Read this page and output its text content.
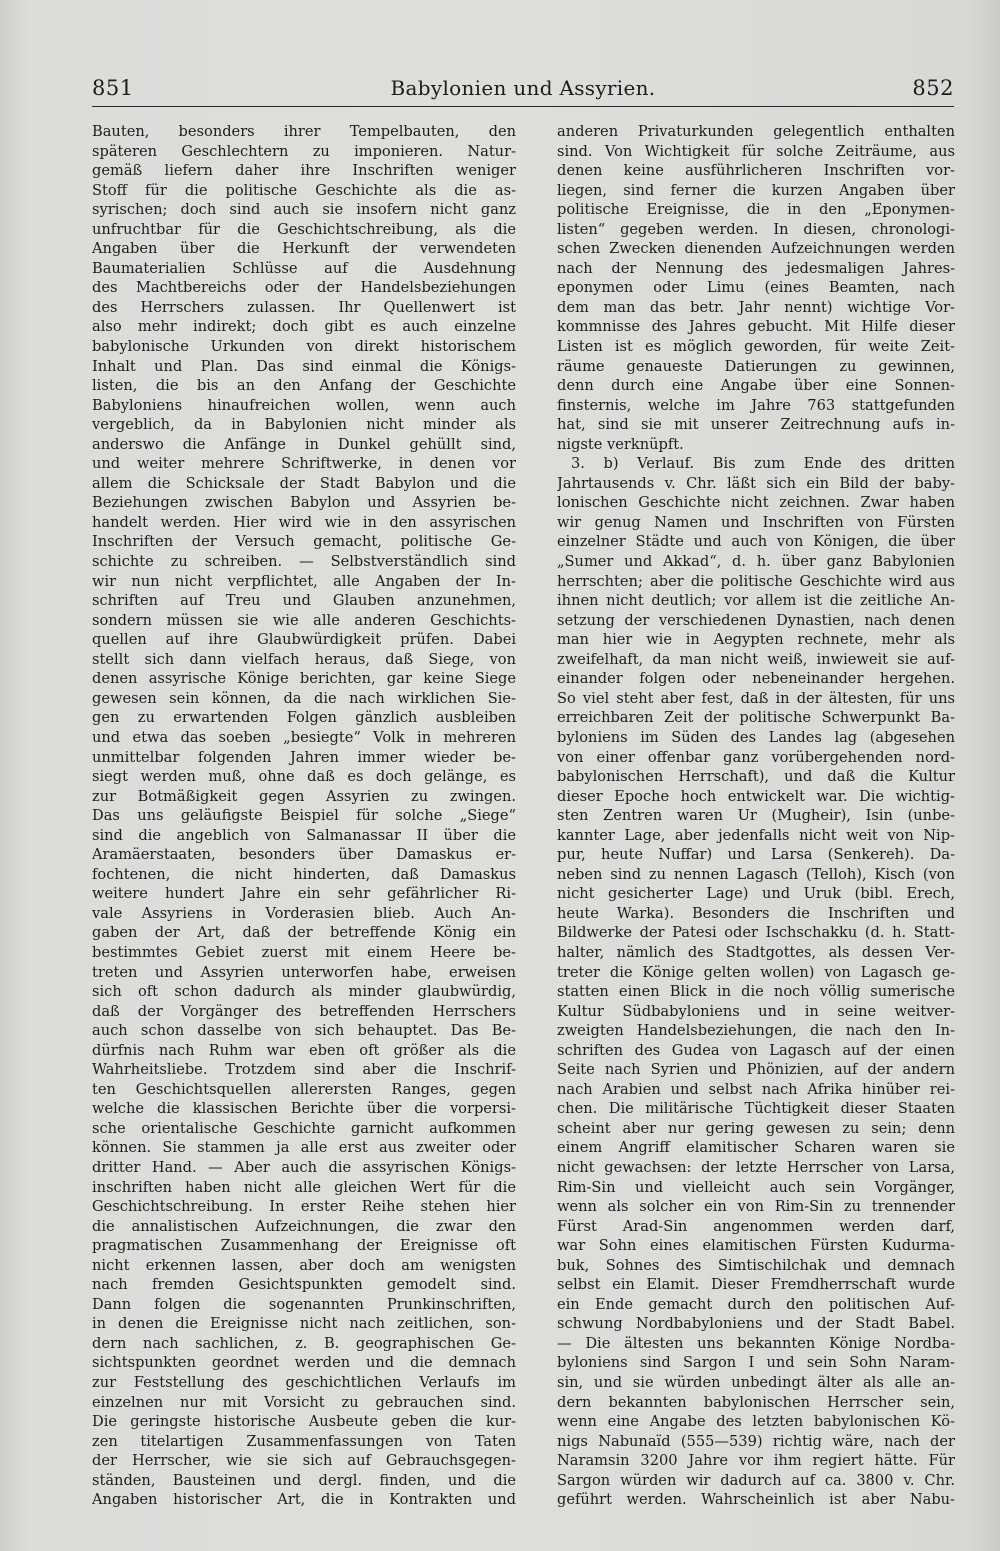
851	Babylonien und Assyrien.	852
Bauten, besonders ihrer Tempelbauten, den
späteren Geschlechtern zu imponieren. Natur-
gemäß liefern daher ihre Inschriften weniger
Stoff für die politische Geschichte als die as-
syrischen; doch sind auch sie insofern nicht ganz
unfruchtbar für die Geschichtschreibung, als die
Angaben über die Herkunft der verwendeten
Baumaterialien Schlüsse auf die Ausdehnung
des Machtbereichs oder der Handelsbeziehungen
des Herrschers zulassen. Ihr Quellenwert ist
also mehr indirekt; doch gibt es auch einzelne
babylonische Urkunden von direkt historischem
Inhalt und Plan. Das sind einmal die Königs-
listen, die bis an den Anfang der Geschichte
Babyloniens hinaufreichen wollen, wenn auch
vergeblich, da in Babylonien nicht minder als
anderswo die Anfänge in Dunkel gehüllt sind,
und weiter mehrere Schriftwerke, in denen vor
allem die Schicksale der Stadt Babylon und die
Beziehungen zwischen Babylon und Assyrien be-
handelt werden. Hier wird wie in den assyrischen
Inschriften der Versuch gemacht, politische Ge-
schichte zu schreiben. — Selbstverständlich sind
wir nun nicht verpflichtet, alle Angaben der In-
schriften auf Treu und Glauben anzunehmen,
sondern müssen sie wie alle anderen Geschichts-
quellen auf ihre Glaubwürdigkeit prüfen. Dabei
stellt sich dann vielfach heraus, daß Siege, von
denen assyrische Könige berichten, gar keine Siege
gewesen sein können, da die nach wirklichen Sie-
gen zu erwartenden Folgen gänzlich ausbleiben
und etwa das soeben „besiegte“ Volk in mehreren
unmittelbar folgenden Jahren immer wieder be-
siegt werden muß, ohne daß es doch gelänge, es
zur Botmäßigkeit gegen Assyrien zu zwingen.
Das uns geläufigste Beispiel für solche „Siege“
sind die angeblich von Salmanassar II über die
Aramäerstaaten, besonders über Damaskus er-
fochtenen, die nicht hinderten, daß Damaskus
weitere hundert Jahre ein sehr gefährlicher Ri-
vale Assyriens in Vorderasien blieb. Auch An-
gaben der Art, daß der betreffende König ein
bestimmtes Gebiet zuerst mit einem Heere be-
treten und Assyrien unterworfen habe, erweisen
sich oft schon dadurch als minder glaubwürdig,
daß der Vorgänger des betreffenden Herrschers
auch schon dasselbe von sich behauptet. Das Be-
dürfnis nach Ruhm war eben oft größer als die
Wahrheitsliebe. Trotzdem sind aber die Inschrif-
ten Geschichtsquellen allerersten Ranges, gegen
welche die klassischen Berichte über die vorpersi-
sche orientalische Geschichte garnicht aufkommen
können. Sie stammen ja alle erst aus zweiter oder
dritter Hand. — Aber auch die assyrischen Königs-
inschriften haben nicht alle gleichen Wert für die
Geschichtschreibung. In erster Reihe stehen hier
die annalistischen Aufzeichnungen, die zwar den
pragmatischen Zusammenhang der Ereignisse oft
nicht erkennen lassen, aber doch am wenigsten
nach fremden Gesichtspunkten gemodelt sind.
Dann folgen die sogenannten Prunkinschriften,
in denen die Ereignisse nicht nach zeitlichen, son-
dern nach sachlichen, z. B. geographischen Ge-
sichtspunkten geordnet werden und die demnach
zur Feststellung des geschichtlichen Verlaufs im
einzelnen nur mit Vorsicht zu gebrauchen sind.
Die geringste historische Ausbeute geben die kur-
zen titelartigen Zusammenfassungen von Taten
der Herrscher, wie sie sich auf Gebrauchsgegen-
ständen, Bausteinen und dergl. finden, und die
Angaben historischer Art, die in Kontrakten und
anderen Privaturkunden gelegentlich enthalten
sind. Von Wichtigkeit für solche Zeiträume, aus
denen keine ausführlicheren Inschriften vor-
liegen, sind ferner die kurzen Angaben über
politische Ereignisse, die in den „Eponymen-
listen“ gegeben werden. In diesen, chronologi-
schen Zwecken dienenden Aufzeichnungen werden
nach der Nennung des jedesmaligen Jahres-
eponymen oder Limu (eines Beamten, nach
dem man das betr. Jahr nennt) wichtige Vor-
kommnisse des Jahres gebucht. Mit Hilfe dieser
Listen ist es möglich geworden, für weite Zeit-
räume genaueste Datierungen zu gewinnen,
denn durch eine Angabe über eine Sonnen-
finsternis, welche im Jahre 763 stattgefunden
hat, sind sie mit unserer Zeitrechnung aufs in-
nigste verknüpft.
3. b) Verlauf. Bis zum Ende des dritten
Jahrtausends v. Chr. läßt sich ein Bild der baby-
lonischen Geschichte nicht zeichnen. Zwar haben
wir genug Namen und Inschriften von Fürsten
einzelner Städte und auch von Königen, die über
„Sumer und Akkad“, d. h. über ganz Babylonien
herrschten; aber die politische Geschichte wird aus
ihnen nicht deutlich; vor allem ist die zeitliche An-
setzung der verschiedenen Dynastien, nach denen
man hier wie in Aegypten rechnete, mehr als
zweifelhaft, da man nicht weiß, inwieweit sie auf-
einander folgen oder nebeneinander hergehen.
So viel steht aber fest, daß in der ältesten, für uns
erreichbaren Zeit der politische Schwerpunkt Ba-
byloniens im Süden des Landes lag (abgesehen
von einer offenbar ganz vorübergehenden nord-
babylonischen Herrschaft), und daß die Kultur
dieser Epoche hoch entwickelt war. Die wichtig-
sten Zentren waren Ur (Mugheir), Isin (unbe-
kannter Lage, aber jedenfalls nicht weit von Nip-
pur, heute Nuffar) und Larsa (Senkereh). Da-
neben sind zu nennen Lagasch (Telloh), Kisch (von
nicht gesicherter Lage) und Uruk (bibl. Erech,
heute Warka). Besonders die Inschriften und
Bildwerke der Patesi oder Ischschakku (d. h. Statt-
halter, nämlich des Stadtgottes, als dessen Ver-
treter die Könige gelten wollen) von Lagasch ge-
statten einen Blick in die noch völlig sumerische
Kultur Südbabyloniens und in seine weitver-
zweigten Handelsbeziehungen, die nach den In-
schriften des Gudea von Lagasch auf der einen
Seite nach Syrien und Phönizien, auf der andern
nach Arabien und selbst nach Afrika hinüber rei-
chen. Die militärische Tüchtigkeit dieser Staaten
scheint aber nur gering gewesen zu sein; denn
einem Angriff elamitischer Scharen waren sie
nicht gewachsen: der letzte Herrscher von Larsa,
Rim-Sin und vielleicht auch sein Vorgänger,
wenn als solcher ein von Rim-Sin zu trennender
Fürst Arad-Sin angenommen werden darf,
war Sohn eines elamitischen Fürsten Kudurma-
buk, Sohnes des Simtischilchak und demnach
selbst ein Elamit. Dieser Fremdherrschaft wurde
ein Ende gemacht durch den politischen Auf-
schwung Nordbabyloniens und der Stadt Babel.
— Die ältesten uns bekannten Könige Nordba-
byloniens sind Sargon I und sein Sohn Naram-
sin, und sie würden unbedingt älter als alle an-
dern bekannten babylonischen Herrscher sein,
wenn eine Angabe des letzten babylonischen Kö-
nigs Nabunaïd (555—539) richtig wäre, nach der
Naramsin 3200 Jahre vor ihm regiert hätte. Für
Sargon würden wir dadurch auf ca. 3800 v. Chr.
geführt werden. Wahrscheinlich ist aber Nabu-
